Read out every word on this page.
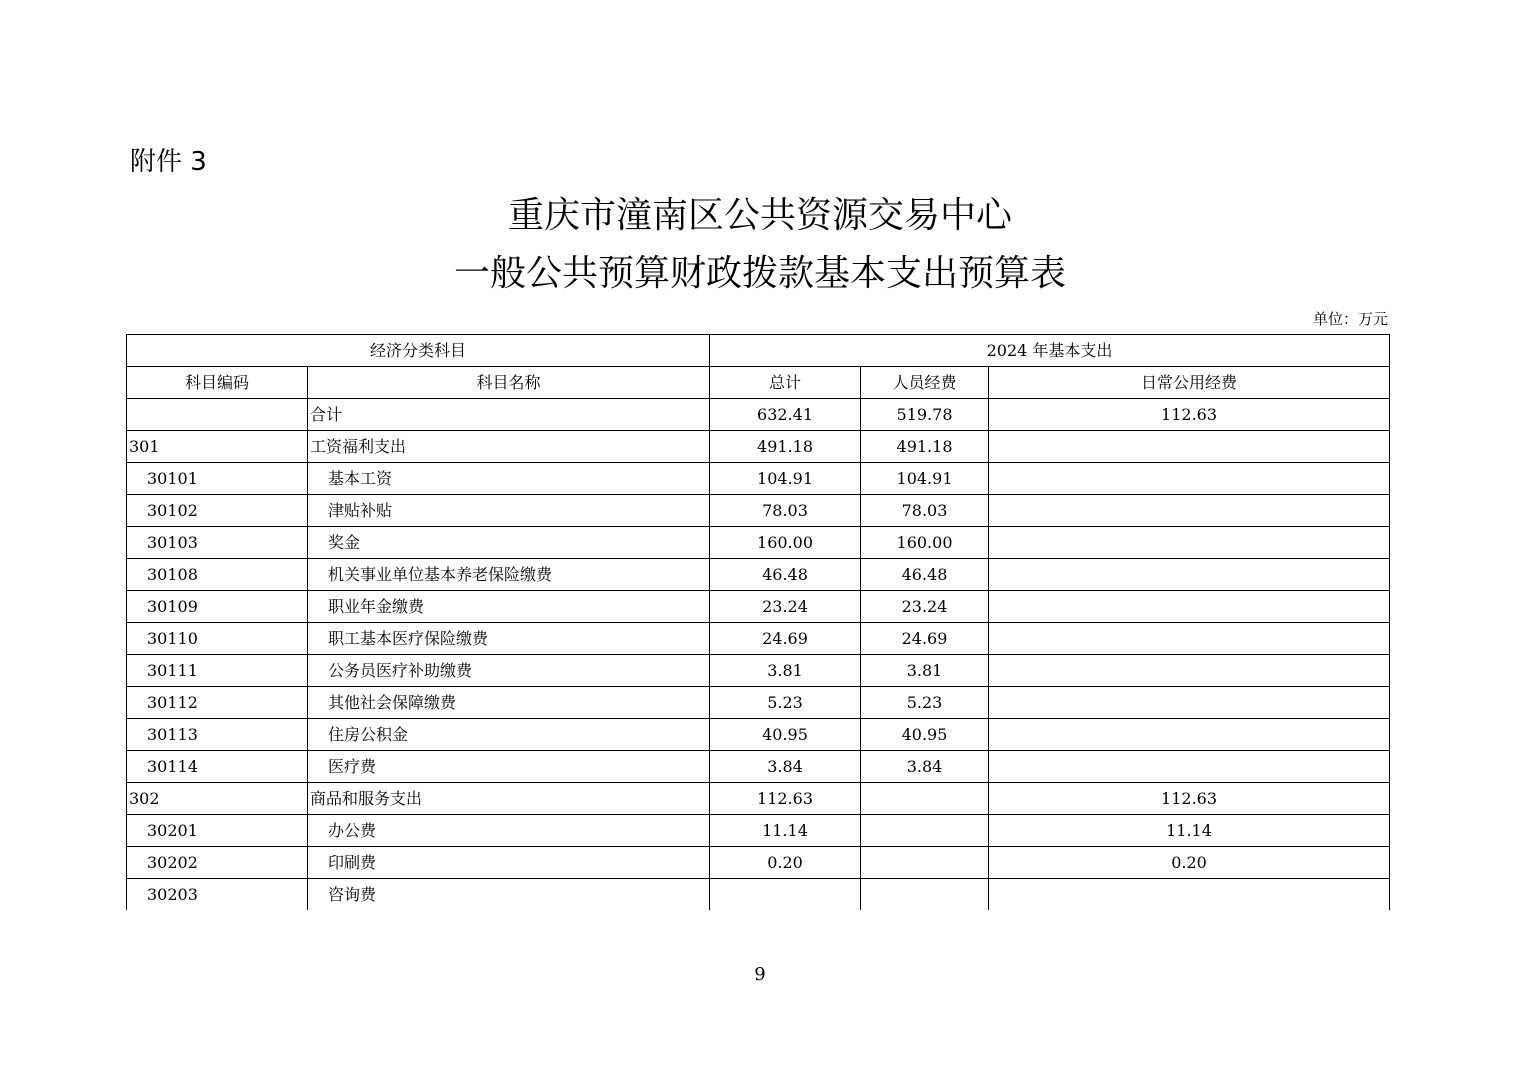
附件 3
重庆市潼南区公共资源交易中心
一般公共预算财政拨款基本支出预算表
单位：万元
经济分类科目		2024 年基本支出		
科目编码	科目名称	总计	人员经费	日常公用经费
	合计	632.41	519.78	112.63
301	工资福利支出	491.18	491.18	
30101	基本工资	104.91	104.91	
30102	津贴补贴	78.03	78.03	
30103	奖金	160.00	160.00	
30108	机关事业单位基本养老保险缴费	46.48	46.48	
30109	职业年金缴费	23.24	23.24	
30110	职工基本医疗保险缴费	24.69	24.69	
30111	公务员医疗补助缴费	3.81	3.81	
30112	其他社会保障缴费	5.23	5.23	
30113	住房公积金	40.95	40.95	
30114	医疗费	3.84	3.84	
302	商品和服务支出	112.63		112.63
30201	办公费	11.14		11.14
30202	印刷费	0.20		0.20
30203	咨询费			
9
